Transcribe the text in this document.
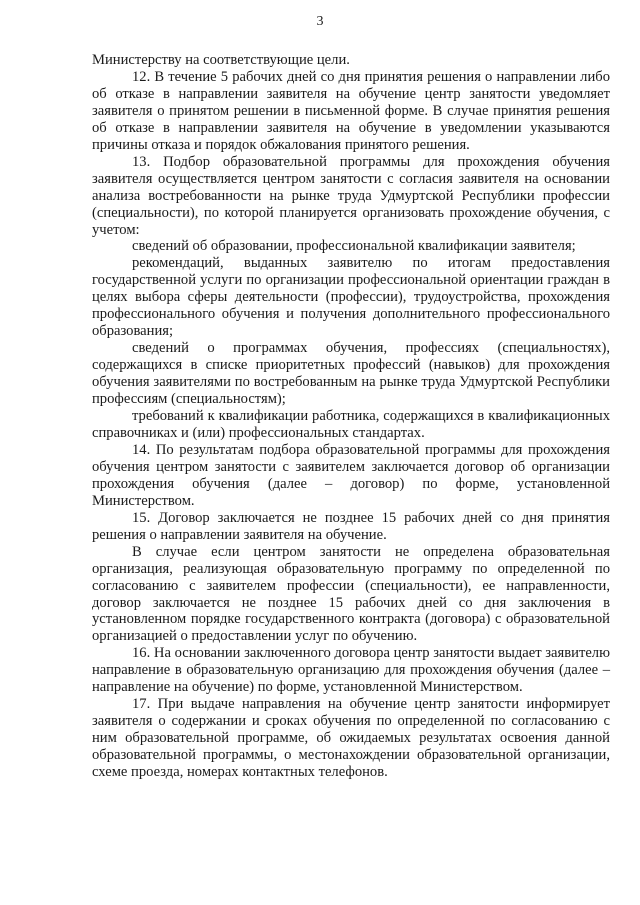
3

Министерству на соответствующие цели.

12. В течение 5 рабочих дней со дня принятия решения о направлении либо об отказе в направлении заявителя на обучение центр занятости уведомляет заявителя о принятом решении в письменной форме. В случае принятия решения об отказе в направлении заявителя на обучение в уведомлении указываются причины отказа и порядок обжалования принятого решения.

13. Подбор образовательной программы для прохождения обучения заявителя осуществляется центром занятости с согласия заявителя на основании анализа востребованности на рынке труда Удмуртской Республики профессии (специальности), по которой планируется организовать прохождение обучения, с учетом:

сведений об образовании, профессиональной квалификации заявителя;

рекомендаций, выданных заявителю по итогам предоставления государственной услуги по организации профессиональной ориентации граждан в целях выбора сферы деятельности (профессии), трудоустройства, прохождения профессионального обучения и получения дополнительного профессионального образования;

сведений о программах обучения, профессиях (специальностях), содержащихся в списке приоритетных профессий (навыков) для прохождения обучения заявителями по востребованным на рынке труда Удмуртской Республики профессиям (специальностям);

требований к квалификации работника, содержащихся в квалификационных справочниках и (или) профессиональных стандартах.

14. По результатам подбора образовательной программы для прохождения обучения центром занятости с заявителем заключается договор об организации прохождения обучения (далее – договор) по форме, установленной Министерством.

15. Договор заключается не позднее 15 рабочих дней со дня принятия решения о направлении заявителя на обучение.

В случае если центром занятости не определена образовательная организация, реализующая образовательную программу по определенной по согласованию с заявителем профессии (специальности), ее направленности, договор заключается не позднее 15 рабочих дней со дня заключения в установленном порядке государственного контракта (договора) с образовательной организацией о предоставлении услуг по обучению.

16. На основании заключенного договора центр занятости выдает заявителю направление в образовательную организацию для прохождения обучения (далее – направление на обучение) по форме, установленной Министерством.

17. При выдаче направления на обучение центр занятости информирует заявителя о содержании и сроках обучения по определенной по согласованию с ним образовательной программе, об ожидаемых результатах освоения данной образовательной программы, о местонахождении образовательной организации, схеме проезда, номерах контактных телефонов.
